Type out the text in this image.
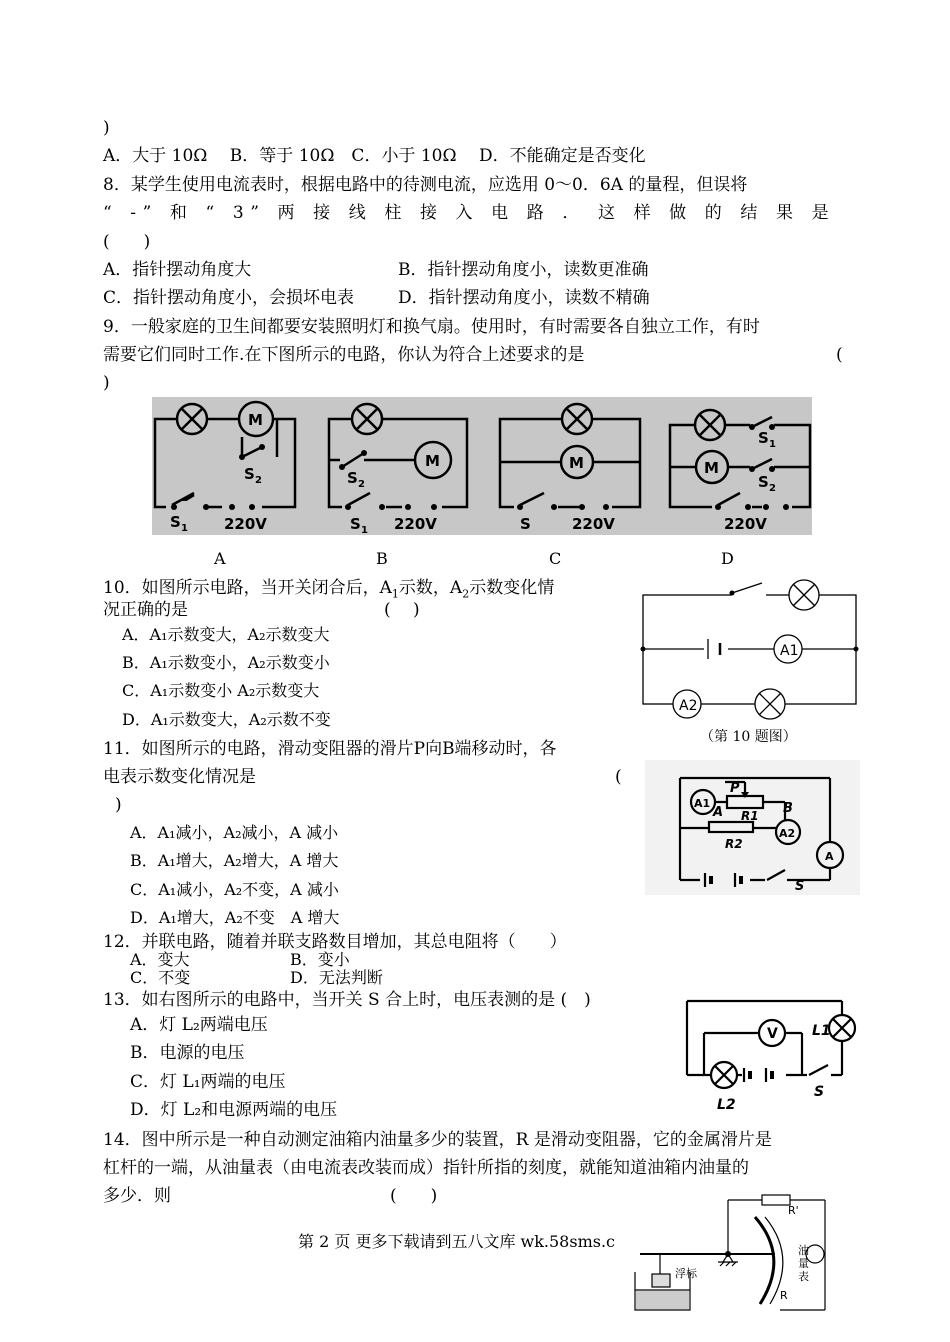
)
A．大于 10Ω　 B．等于 10Ω　C．小于 10Ω　 D．不能确定是否变化
8．某学生使用电流表时，根据电路中的待测电流，应选用 0～0．6A 的量程，但误将
“ -” 和 “ 3” 两 接 线 柱 接 入 电 路 ． 这 样 做 的 结 果 是
(　　)
A．指针摆动角度大	B．指针摆动角度小，读数更准确
C．指针摆动角度小，会损坏电表	D．指针摆动角度小，读数不精确
9．一般家庭的卫生间都要安装照明灯和换气扇。使用时，有时需要各自独立工作，有时
需要它们同时工作.在下图所示的电路，你认为符合上述要求的是	(
)
M
M	M	M
S 2
S 1 220V
S 2
S 1 220V	S	220V
S 1
S 2
220V
A	B	C	D
10．如图所示电路，当开关闭合后，$A_1$示数，$A_2$示数变化情
况正确的是	(　 )
A．A₁示数变大，A₂示数变大
B．A₁示数变小，A₂示数变小
C．A₁示数变小 A₂示数变大
D．A₁示数变大，A₂示数不变
A1
A2
（第 10 题图）
11．如图所示的电路，滑动变阻器的滑片P向B端移动时，各
电表示数变化情况是	(
)
A．A₁减小，A₂减小，A 减小
B．A₁增大，A₂增大，A 增大
C．A₁减小，A₂不变，A 减小
D．A₁增大，A₂不变　A 增大
P
A	B
R1
R2
S
A1
A2
A
12．并联电路，随着并联支路数目增加，其总电阻将（　　）
A．变大	B．变小
C．不变	D．无法判断
13．如右图所示的电路中，当开关 S 合上时，电压表测的是 (　)
A．灯 L₂两端电压
B．电源的电压
C．灯 L₁两端的电压
D．灯 L₂和电源两端的电压
V L1
L2
S
14．图中所示是一种自动测定油箱内油量多少的装置，R 是滑动变阻器，它的金属滑片是
杠杆的一端，从油量表（由电流表改装而成）指针所指的刻度，就能知道油箱内油量的
多少．则	(　　)
浮标
R'
R
油
量
表
第 2 页 更多下载请到五八文库 wk.58sms.c
